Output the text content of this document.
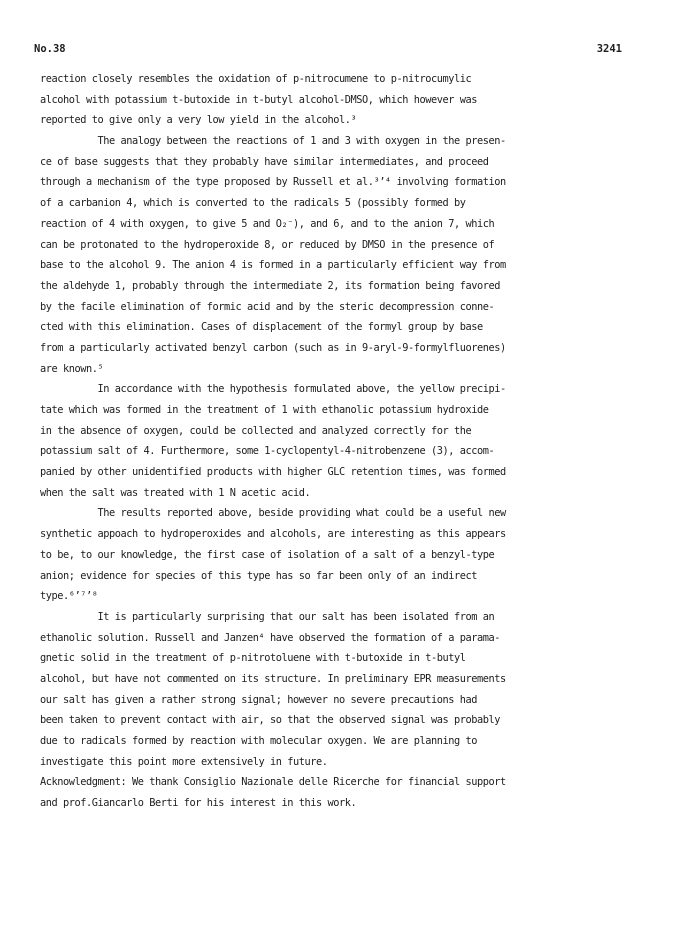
No.38	3241
reaction closely resembles the oxidation of p-nitrocumene to p-nitrocumylic
alcohol with potassium t-butoxide in t-butyl alcohol-DMSO, which however was
reported to give only a very low yield in the alcohol.³
The analogy between the reactions of 1 and 3 with oxygen in the presen-
ce of base suggests that they probably have similar intermediates, and proceed
through a mechanism of the type proposed by Russell et al.³’⁴ involving formation
of a carbanion 4, which is converted to the radicals 5 (possibly formed by
reaction of 4 with oxygen, to give 5 and O₂⁻), and 6, and to the anion 7, which
can be protonated to the hydroperoxide 8, or reduced by DMSO in the presence of
base to the alcohol 9. The anion 4 is formed in a particularly efficient way from
the aldehyde 1, probably through the intermediate 2, its formation being favored
by the facile elimination of formic acid and by the steric decompression conne-
cted with this elimination. Cases of displacement of the formyl group by base
from a particularly activated benzyl carbon (such as in 9-aryl-9-formylfluorenes)
are known.⁵
In accordance with the hypothesis formulated above, the yellow precipi-
tate which was formed in the treatment of 1 with ethanolic potassium hydroxide
in the absence of oxygen, could be collected and analyzed correctly for the
potassium salt of 4. Furthermore, some 1-cyclopentyl-4-nitrobenzene (3), accom-
panied by other unidentified products with higher GLC retention times, was formed
when the salt was treated with 1 N acetic acid.
The results reported above, beside providing what could be a useful new
synthetic appoach to hydroperoxides and alcohols, are interesting as this appears
to be, to our knowledge, the first case of isolation of a salt of a benzyl-type
anion; evidence for species of this type has so far been only of an indirect
type.⁶’⁷’⁸
It is particularly surprising that our salt has been isolated from an
ethanolic solution. Russell and Janzen⁴ have observed the formation of a parama-
gnetic solid in the treatment of p-nitrotoluene with t-butoxide in t-butyl
alcohol, but have not commented on its structure. In preliminary EPR measurements
our salt has given a rather strong signal; however no severe precautions had
been taken to prevent contact with air, so that the observed signal was probably
due to radicals formed by reaction with molecular oxygen. We are planning to
investigate this point more extensively in future.
Acknowledgment: We thank Consiglio Nazionale delle Ricerche for financial support
and prof.Giancarlo Berti for his interest in this work.
